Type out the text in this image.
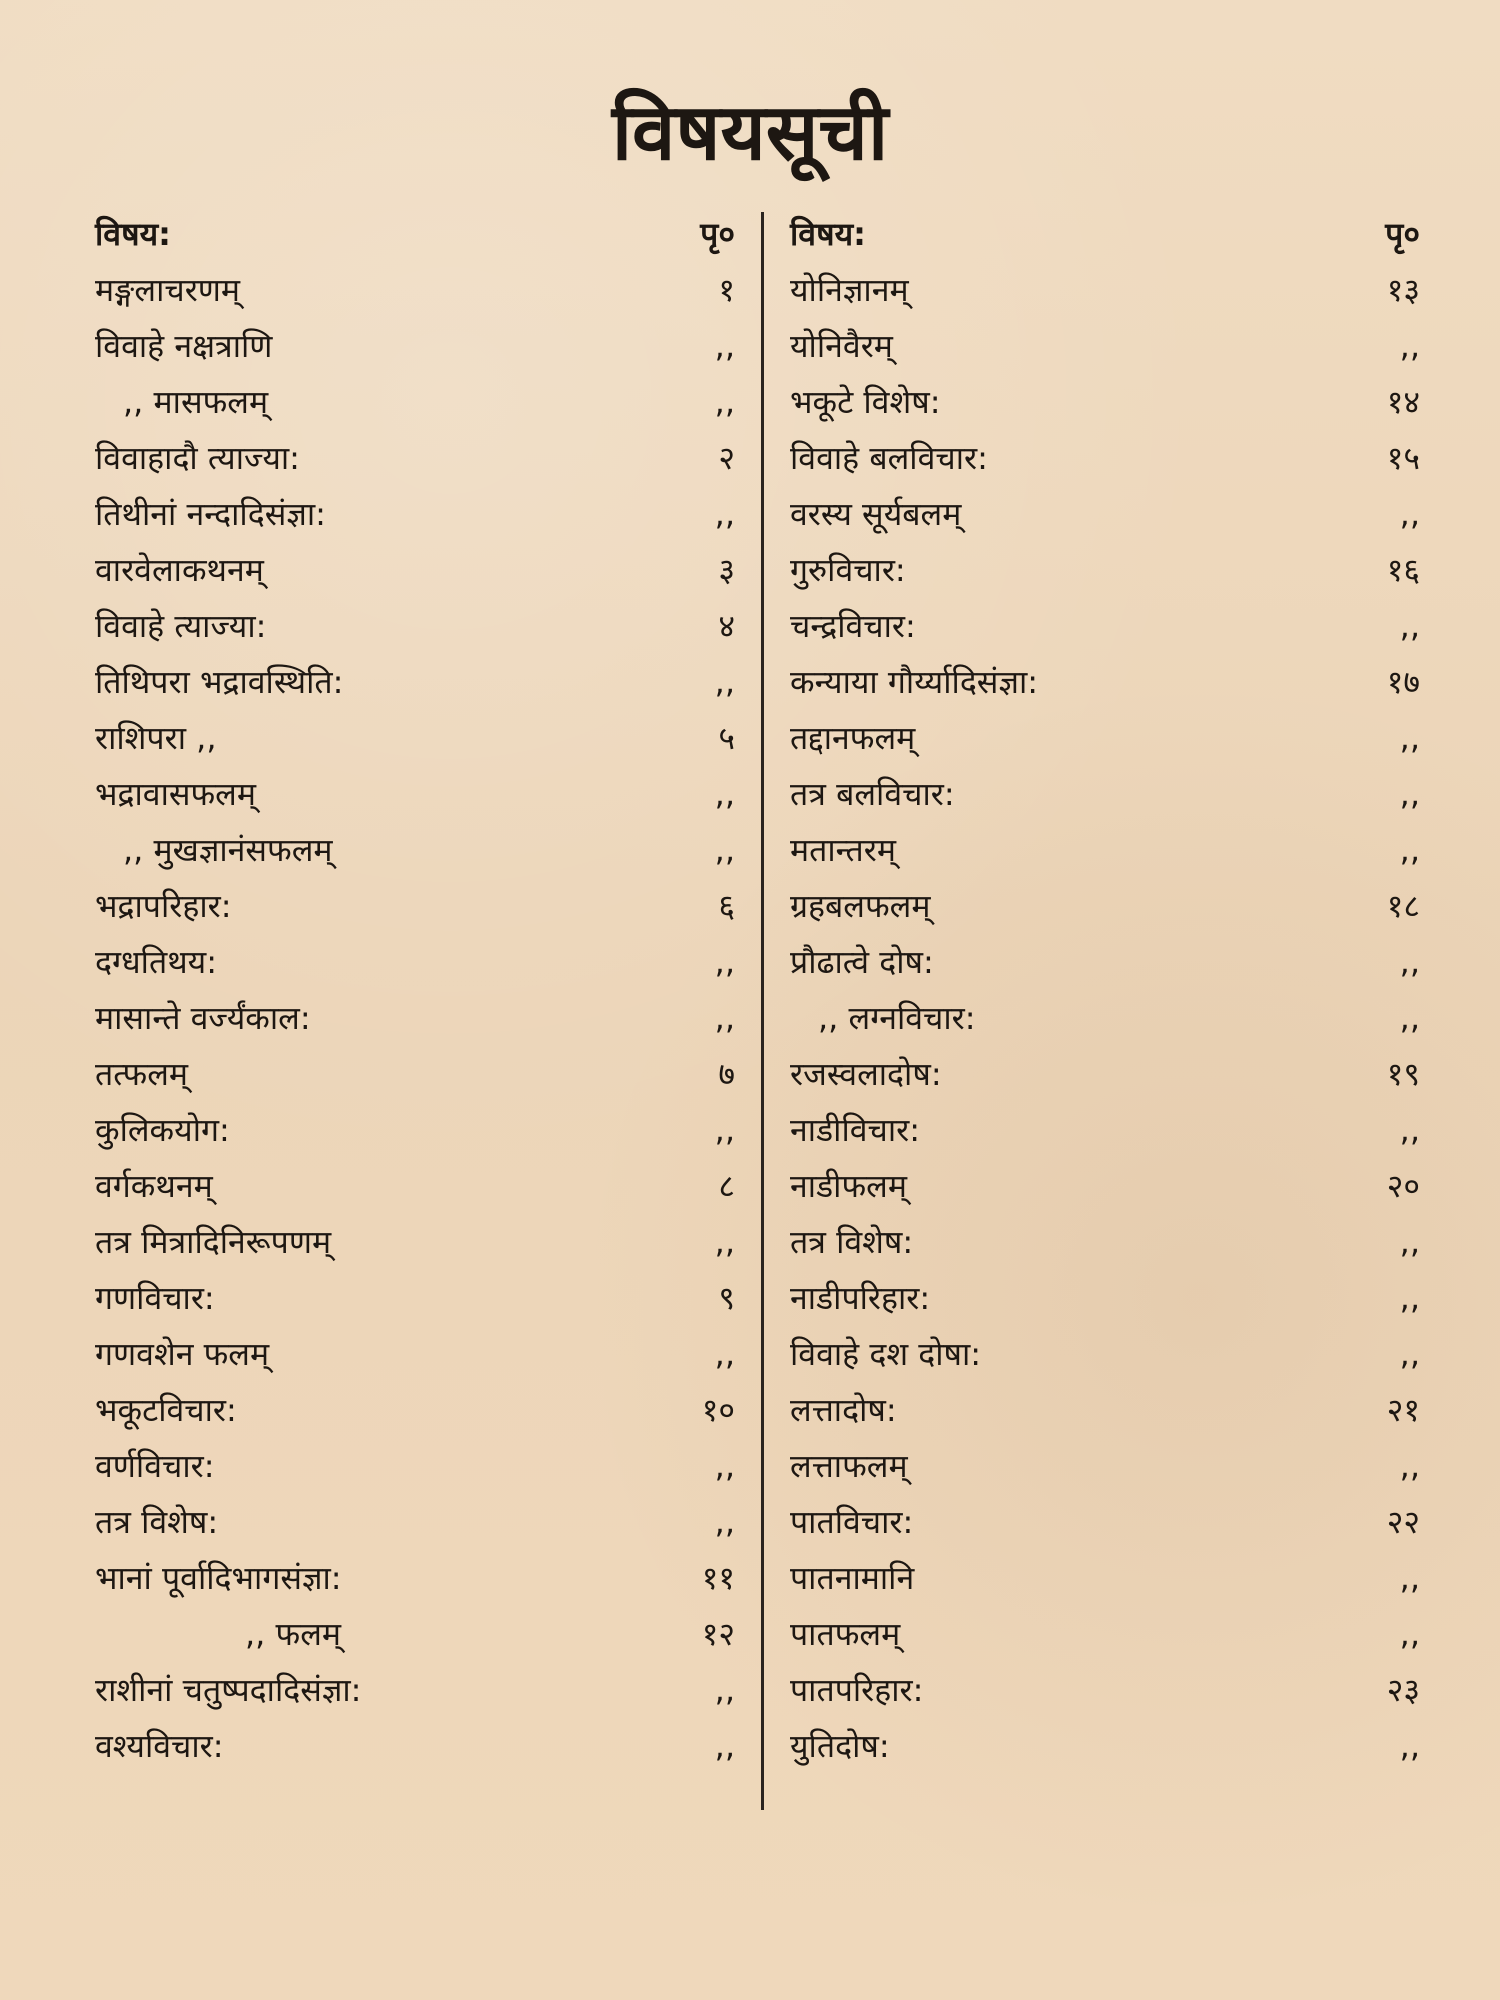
विषयसूची
विषय:	पृ०
मङ्गलाचरणम्	१
विवाहे नक्षत्राणि	,,
,, मासफलम्	,,
विवाहादौ त्याज्या:	२
तिथीनां नन्दादिसंज्ञा:	,,
वारवेलाकथनम्	३
विवाहे त्याज्या:	४
तिथिपरा भद्रावस्थिति:	,,
राशिपरा ,,	५
भद्रावासफलम्	,,
,, मुखज्ञानंसफलम्	,,
भद्रापरिहार:	६
दग्धतिथय:	,,
मासान्ते वर्ज्यंकाल:	,,
तत्फलम्	७
कुलिकयोग:	,,
वर्गकथनम्	८
तत्र मित्रादिनिरूपणम्	,,
गणविचार:	९
गणवशेन फलम्	,,
भकूटविचार:	१०
वर्णविचार:	,,
तत्र विशेष:	,,
भानां पूर्वादिभागसंज्ञा:	११
,, फलम्	१२
राशीनां चतुष्पदादिसंज्ञा:	,,
वश्यविचार:	,,
विषय:	पृ०
योनिज्ञानम्	१३
योनिवैरम्	,,
भकूटे विशेष:	१४
विवाहे बलविचार:	१५
वरस्य सूर्यबलम्	,,
गुरुविचार:	१६
चन्द्रविचार:	,,
कन्याया गौर्य्यादिसंज्ञा:	१७
तद्दानफलम्	,,
तत्र बलविचार:	,,
मतान्तरम्	,,
ग्रहबलफलम्	१८
प्रौढात्वे दोष:	,,
,, लग्नविचार:	,,
रजस्वलादोष:	१९
नाडीविचार:	,,
नाडीफलम्	२०
तत्र विशेष:	,,
नाडीपरिहार:	,,
विवाहे दश दोषा:	,,
लत्तादोष:	२१
लत्ताफलम्	,,
पातविचार:	२२
पातनामानि	,,
पातफलम्	,,
पातपरिहार:	२३
युतिदोष:	,,
